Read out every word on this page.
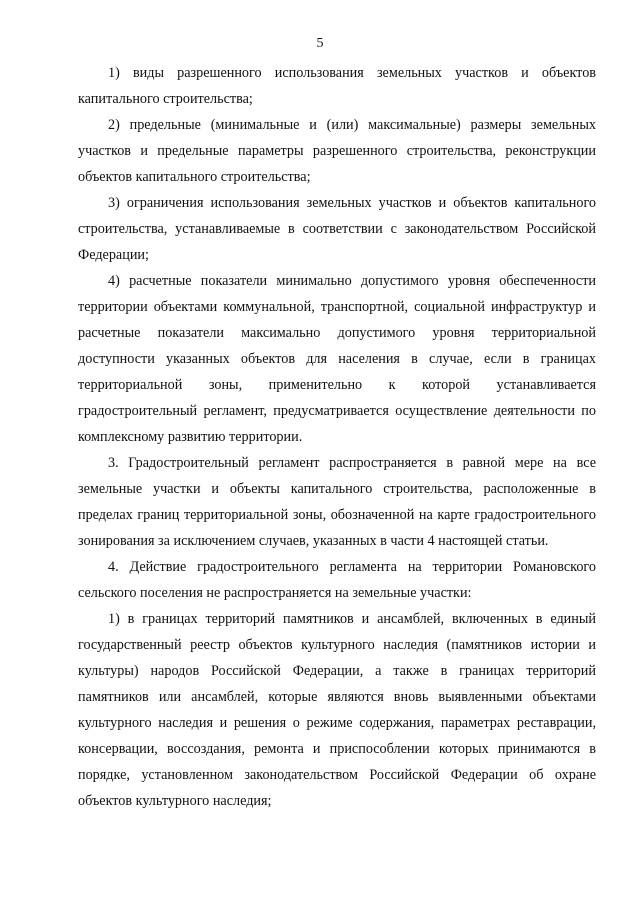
5

1) виды разрешенного использования земельных участков и объектов капитального строительства;

2) предельные (минимальные и (или) максимальные) размеры земельных участков и предельные параметры разрешенного строительства, реконструкции объектов капитального строительства;

3) ограничения использования земельных участков и объектов капитального строительства, устанавливаемые в соответствии с законодательством Российской Федерации;

4) расчетные показатели минимально допустимого уровня обеспеченности территории объектами коммунальной, транспортной, социальной инфраструктур и расчетные показатели максимально допустимого уровня территориальной доступности указанных объектов для населения в случае, если в границах территориальной зоны, применительно к которой устанавливается градостроительный регламент, предусматривается осуществление деятельности по комплексному развитию территории.

3. Градостроительный регламент распространяется в равной мере на все земельные участки и объекты капитального строительства, расположенные в пределах границ территориальной зоны, обозначенной на карте градостроительного зонирования за исключением случаев, указанных в части 4 настоящей статьи.

4. Действие градостроительного регламента на территории Романовского сельского поселения не распространяется на земельные участки:

1) в границах территорий памятников и ансамблей, включенных в единый государственный реестр объектов культурного наследия (памятников истории и культуры) народов Российской Федерации, а также в границах территорий памятников или ансамблей, которые являются вновь выявленными объектами культурного наследия и решения о режиме содержания, параметрах реставрации, консервации, воссоздания, ремонта и приспособлении которых принимаются в порядке, установленном законодательством Российской Федерации об охране объектов культурного наследия;
